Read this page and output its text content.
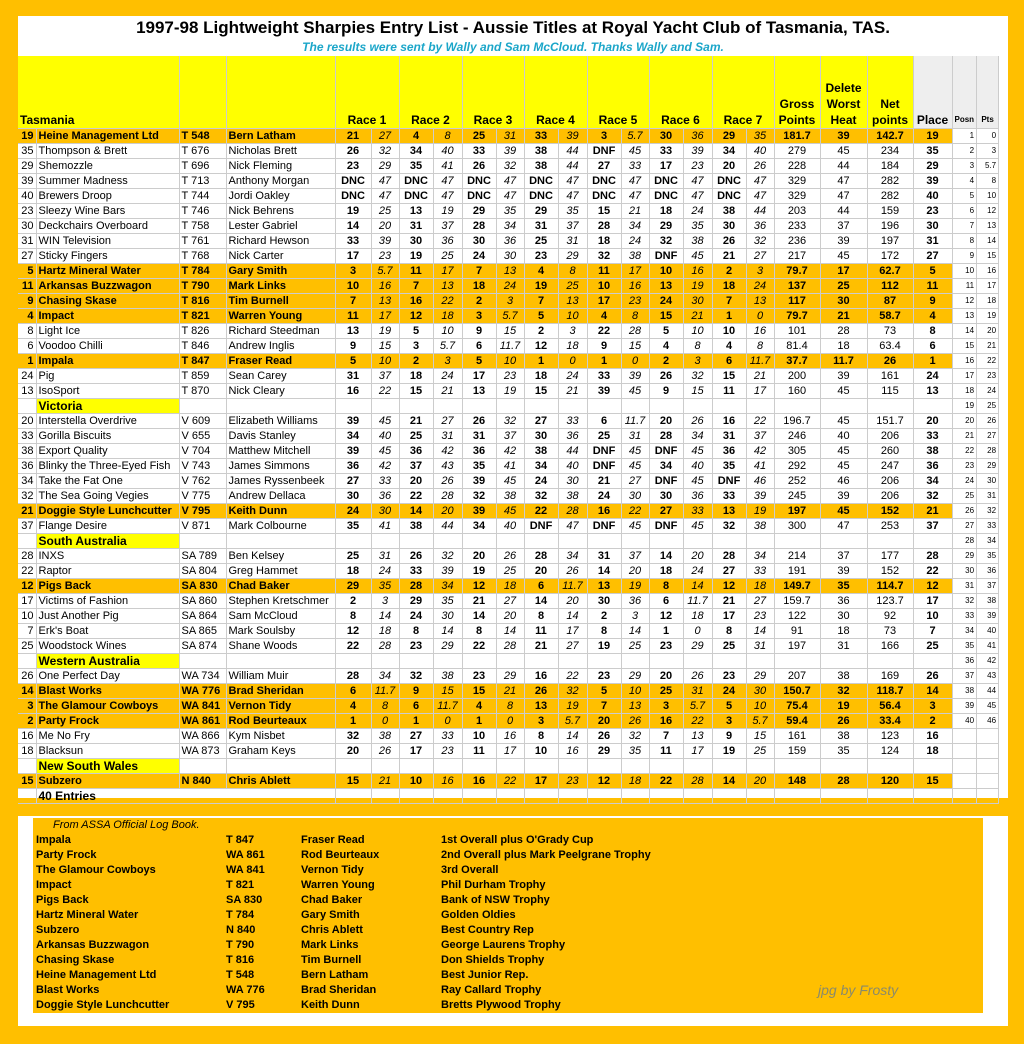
1997-98 Lightweight Sharpies Entry List - Aussie Titles at Royal Yacht Club of Tasmania, TAS.
The results were sent by Wally and Sam McCloud. Thanks Wally and Sam.
Tasmania				Race 1		Race 2		Race 3		Race 4		Race 5		Race 6		Race 7		Gross Points	Delete Worst Heat	Net points	Place	Posn	Pts
19	Heine Management Ltd	T 548	Bern Latham	21	27	4	8	25	31	33	39	3	5.7	30	36	29	35	181.7	39	142.7	19	1	0
35	Thompson & Brett	T 676	Nicholas Brett	26	32	34	40	33	39	38	44	DNF	45	33	39	34	40	279	45	234	35	2	3
29	Shemozzle	T 696	Nick Fleming	23	29	35	41	26	32	38	44	27	33	17	23	20	26	228	44	184	29	3	5.7
39	Summer Madness	T 713	Anthony Morgan	DNC	47	DNC	47	DNC	47	DNC	47	DNC	47	DNC	47	DNC	47	329	47	282	39	4	8
40	Brewers Droop	T 744	Jordi Oakley	DNC	47	DNC	47	DNC	47	DNC	47	DNC	47	DNC	47	DNC	47	329	47	282	40	5	10
23	Sleezy Wine Bars	T 746	Nick Behrens	19	25	13	19	29	35	29	35	15	21	18	24	38	44	203	44	159	23	6	12
30	Deckchairs Overboard	T 758	Lester Gabriel	14	20	31	37	28	34	31	37	28	34	29	35	30	36	233	37	196	30	7	13
31	WIN Television	T 761	Richard Hewson	33	39	30	36	30	36	25	31	18	24	32	38	26	32	236	39	197	31	8	14
27	Sticky Fingers	T 768	Nick Carter	17	23	19	25	24	30	23	29	32	38	DNF	45	21	27	217	45	172	27	9	15
5	Hartz Mineral Water	T 784	Gary Smith	3	5.7	11	17	7	13	4	8	11	17	10	16	2	3	79.7	17	62.7	5	10	16
11	Arkansas Buzzwagon	T 790	Mark Links	10	16	7	13	18	24	19	25	10	16	13	19	18	24	137	25	112	11	11	17
9	Chasing Skase	T 816	Tim Burnell	7	13	16	22	2	3	7	13	17	23	24	30	7	13	117	30	87	9	12	18
4	Impact	T 821	Warren Young	11	17	12	18	3	5.7	5	10	4	8	15	21	1	0	79.7	21	58.7	4	13	19
8	Light Ice	T 826	Richard Steedman	13	19	5	10	9	15	2	3	22	28	5	10	10	16	101	28	73	8	14	20
6	Voodoo Chilli	T 846	Andrew Inglis	9	15	3	5.7	6	11.7	12	18	9	15	4	8	4	8	81.4	18	63.4	6	15	21
1	Impala	T 847	Fraser Read	5	10	2	3	5	10	1	0	1	0	2	3	6	11.7	37.7	11.7	26	1	16	22
24	Pig	T 859	Sean Carey	31	37	18	24	17	23	18	24	33	39	26	32	15	21	200	39	161	24	17	23
13	IsoSport	T 870	Nick Cleary	16	22	15	21	13	19	15	21	39	45	9	15	11	17	160	45	115	13	18	24
	Victoria																					19	25
20	Interstella Overdrive	V 609	Elizabeth Williams	39	45	21	27	26	32	27	33	6	11.7	20	26	16	22	196.7	45	151.7	20	20	26
33	Gorilla Biscuits	V 655	Davis Stanley	34	40	25	31	31	37	30	36	25	31	28	34	31	37	246	40	206	33	21	27
38	Export Quality	V 704	Matthew Mitchell	39	45	36	42	36	42	38	44	DNF	45	DNF	45	36	42	305	45	260	38	22	28
36	Blinky the Three-Eyed Fish	V 743	James Simmons	36	42	37	43	35	41	34	40	DNF	45	34	40	35	41	292	45	247	36	23	29
34	Take the Fat One	V 762	James Ryssenbeek	27	33	20	26	39	45	24	30	21	27	DNF	45	DNF	46	252	46	206	34	24	30
32	The Sea Going Vegies	V 775	Andrew Dellaca	30	36	22	28	32	38	32	38	24	30	30	36	33	39	245	39	206	32	25	31
21	Doggie Style Lunchcutter	V 795	Keith Dunn	24	30	14	20	39	45	22	28	16	22	27	33	13	19	197	45	152	21	26	32
37	Flange Desire	V 871	Mark Colbourne	35	41	38	44	34	40	DNF	47	DNF	45	DNF	45	32	38	300	47	253	37	27	33
	South Australia																					28	34
28	INXS	SA 789	Ben Kelsey	25	31	26	32	20	26	28	34	31	37	14	20	28	34	214	37	177	28	29	35
22	Raptor	SA 804	Greg Hammet	18	24	33	39	19	25	20	26	14	20	18	24	27	33	191	39	152	22	30	36
12	Pigs Back	SA 830	Chad Baker	29	35	28	34	12	18	6	11.7	13	19	8	14	12	18	149.7	35	114.7	12	31	37
17	Victims of Fashion	SA 860	Stephen Kretschmer	2	3	29	35	21	27	14	20	30	36	6	11.7	21	27	159.7	36	123.7	17	32	38
10	Just Another Pig	SA 864	Sam McCloud	8	14	24	30	14	20	8	14	2	3	12	18	17	23	122	30	92	10	33	39
7	Erk's Boat	SA 865	Mark Soulsby	12	18	8	14	8	14	11	17	8	14	1	0	8	14	91	18	73	7	34	40
25	Woodstock Wines	SA 874	Shane Woods	22	28	23	29	22	28	21	27	19	25	23	29	25	31	197	31	166	25	35	41
	Western Australia																					36	42
26	One Perfect Day	WA 734	William Muir	28	34	32	38	23	29	16	22	23	29	20	26	23	29	207	38	169	26	37	43
14	Blast Works	WA 776	Brad Sheridan	6	11.7	9	15	15	21	26	32	5	10	25	31	24	30	150.7	32	118.7	14	38	44
3	The Glamour Cowboys	WA 841	Vernon Tidy	4	8	6	11.7	4	8	13	19	7	13	3	5.7	5	10	75.4	19	56.4	3	39	45
2	Party Frock	WA 861	Rod Beurteaux	1	0	1	0	1	0	3	5.7	20	26	16	22	3	5.7	59.4	26	33.4	2	40	46
16	Me No Fry	WA 866	Kym Nisbet	32	38	27	33	10	16	8	14	26	32	7	13	9	15	161	38	123	16		
18	Blacksun	WA 873	Graham Keys	20	26	17	23	11	17	10	16	29	35	11	17	19	25	159	35	124	18		
	New South Wales																						
15	Subzero	N 840	Chris Ablett	15	21	10	16	16	22	17	23	12	18	22	28	14	20	148	28	120	15		
	40 Entries																						
From ASSA Official Log Book.			
Impala	T 847	Fraser Read	1st Overall plus O'Grady Cup
Party Frock	WA 861	Rod Beurteaux	2nd Overall plus Mark Peelgrane Trophy
The Glamour Cowboys	WA 841	Vernon Tidy	3rd Overall
Impact	T 821	Warren Young	Phil Durham Trophy
Pigs Back	SA 830	Chad Baker	Bank of NSW Trophy
Hartz Mineral Water	T 784	Gary Smith	Golden Oldies
Subzero	N 840	Chris Ablett	Best Country Rep
Arkansas Buzzwagon	T 790	Mark Links	George Laurens Trophy
Chasing Skase	T 816	Tim Burnell	Don Shields Trophy
Heine Management Ltd	T 548	Bern Latham	Best Junior Rep.
Blast Works	WA 776	Brad Sheridan	Ray Callard Trophy
Doggie Style Lunchcutter	V 795	Keith Dunn	Bretts Plywood Trophy
jpg by Frosty
